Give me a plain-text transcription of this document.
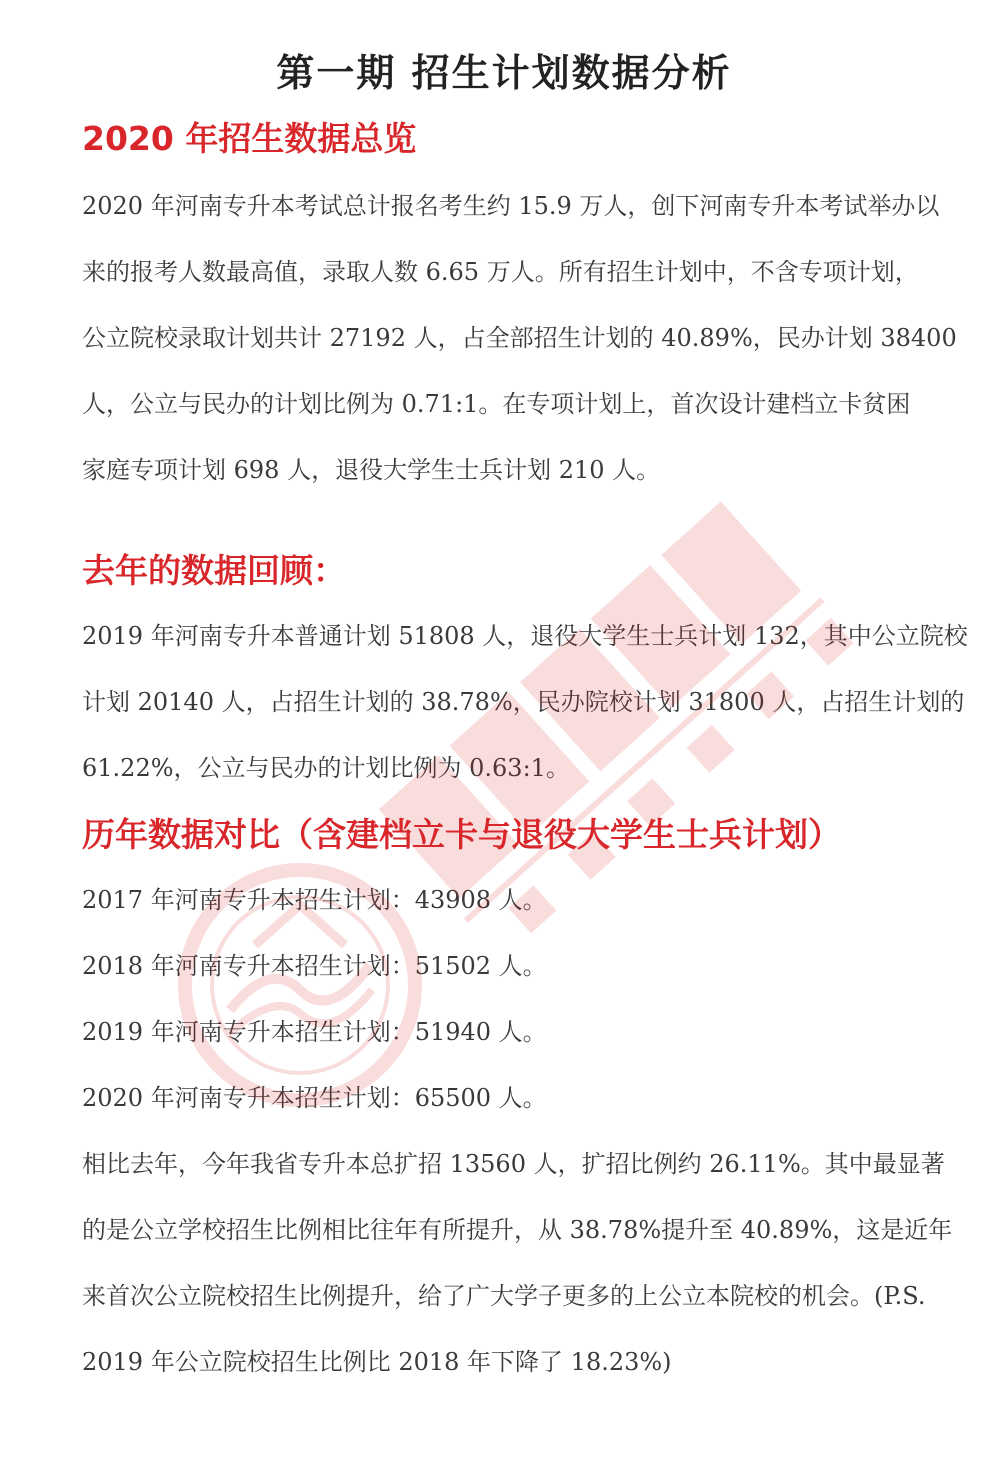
第一期 招生计划数据分析
2020 年招生数据总览
2020 年河南专升本考试总计报名考生约 15.9 万人，创下河南专升本考试举办以
来的报考人数最高值，录取人数 6.65 万人。所有招生计划中，不含专项计划，
公立院校录取计划共计 27192 人，占全部招生计划的 40.89%，民办计划 38400
人，公立与民办的计划比例为 0.71:1。在专项计划上，首次设计建档立卡贫困
家庭专项计划 698 人，退役大学生士兵计划 210 人。
去年的数据回顾：
2019 年河南专升本普通计划 51808 人，退役大学生士兵计划 132，其中公立院校
计划 20140 人，占招生计划的 38.78%，民办院校计划 31800 人，占招生计划的
61.22%，公立与民办的计划比例为 0.63:1。
历年数据对比（含建档立卡与退役大学生士兵计划）
2017 年河南专升本招生计划：43908 人。
2018 年河南专升本招生计划：51502 人。
2019 年河南专升本招生计划：51940 人。
2020 年河南专升本招生计划：65500 人。
相比去年，今年我省专升本总扩招 13560 人，扩招比例约 26.11%。其中最显著
的是公立学校招生比例相比往年有所提升，从 38.78%提升至 40.89%，这是近年
来首次公立院校招生比例提升，给了广大学子更多的上公立本院校的机会。(P.S.
2019 年公立院校招生比例比 2018 年下降了 18.23%)
